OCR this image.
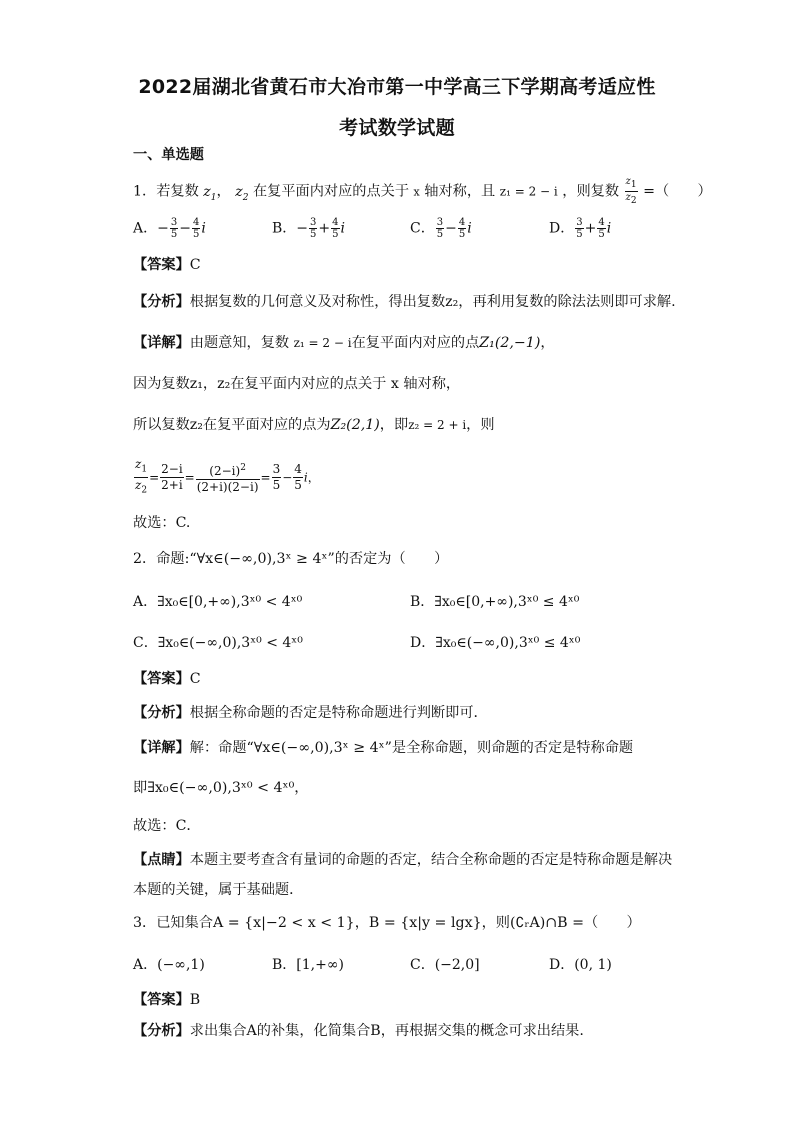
2022届湖北省黄石市大冶市第一中学高三下学期高考适应性
考试数学试题
一、单选题
1．若复数 $z_1$， $z_2$ 在复平面内对应的点关于 x 轴对称，且 z₁ = 2 − i ，则复数 $\frac{z_1}{z_2}$ =（　　）
A．− $\frac{3}{5} - \frac{4}{5}$ i	B．− $\frac{3}{5} + \frac{4}{5}$ i	C． $\frac{3}{5} - \frac{4}{5}$ i	D． $\frac{3}{5} + \frac{4}{5}$ i
【答案】C
【分析】根据复数的几何意义及对称性，得出复数z₂，再利用复数的除法法则即可求解.
【详解】由题意知，复数 z₁ = 2 − i在复平面内对应的点Z₁(2,−1)，
因为复数z₁，z₂在复平面内对应的点关于 x 轴对称，
所以复数z₂在复平面对应的点为Z₂(2,1)，即z₂ = 2 + i，则
$\frac{z_1}{z_2} = \frac{2-i}{2+i} = \frac{(2-i)^2}{(2+i)(2-i)} = \frac{3}{5} - \frac{4}{5}$ i，
故选：C.
2．命题:“∀x∈(−∞,0),3ˣ ≥ 4ˣ”的否定为（　　）
A．∃x₀∈[0,+∞),3ˣ⁰ < 4ˣ⁰	B．∃x₀∈[0,+∞),3ˣ⁰ ≤ 4ˣ⁰
C．∃x₀∈(−∞,0),3ˣ⁰ < 4ˣ⁰	D．∃x₀∈(−∞,0),3ˣ⁰ ≤ 4ˣ⁰
【答案】C
【分析】根据全称命题的否定是特称命题进行判断即可．
【详解】解：命题“∀x∈(−∞,0),3ˣ ≥ 4ˣ”是全称命题，则命题的否定是特称命题
即∃x₀∈(−∞,0),3ˣ⁰ < 4ˣ⁰，
故选：C．
【点睛】本题主要考查含有量词的命题的否定，结合全称命题的否定是特称命题是解决
本题的关键，属于基础题．
3．已知集合A = {x|−2 < x < 1}，B = {x|y = lgx}，则(∁ᵣA)∩B =（　　）
A．(−∞,1)	B．[1,+∞)	C．(−2,0]	D．(0, 1)
【答案】B
【分析】求出集合A的补集，化简集合B，再根据交集的概念可求出结果.
